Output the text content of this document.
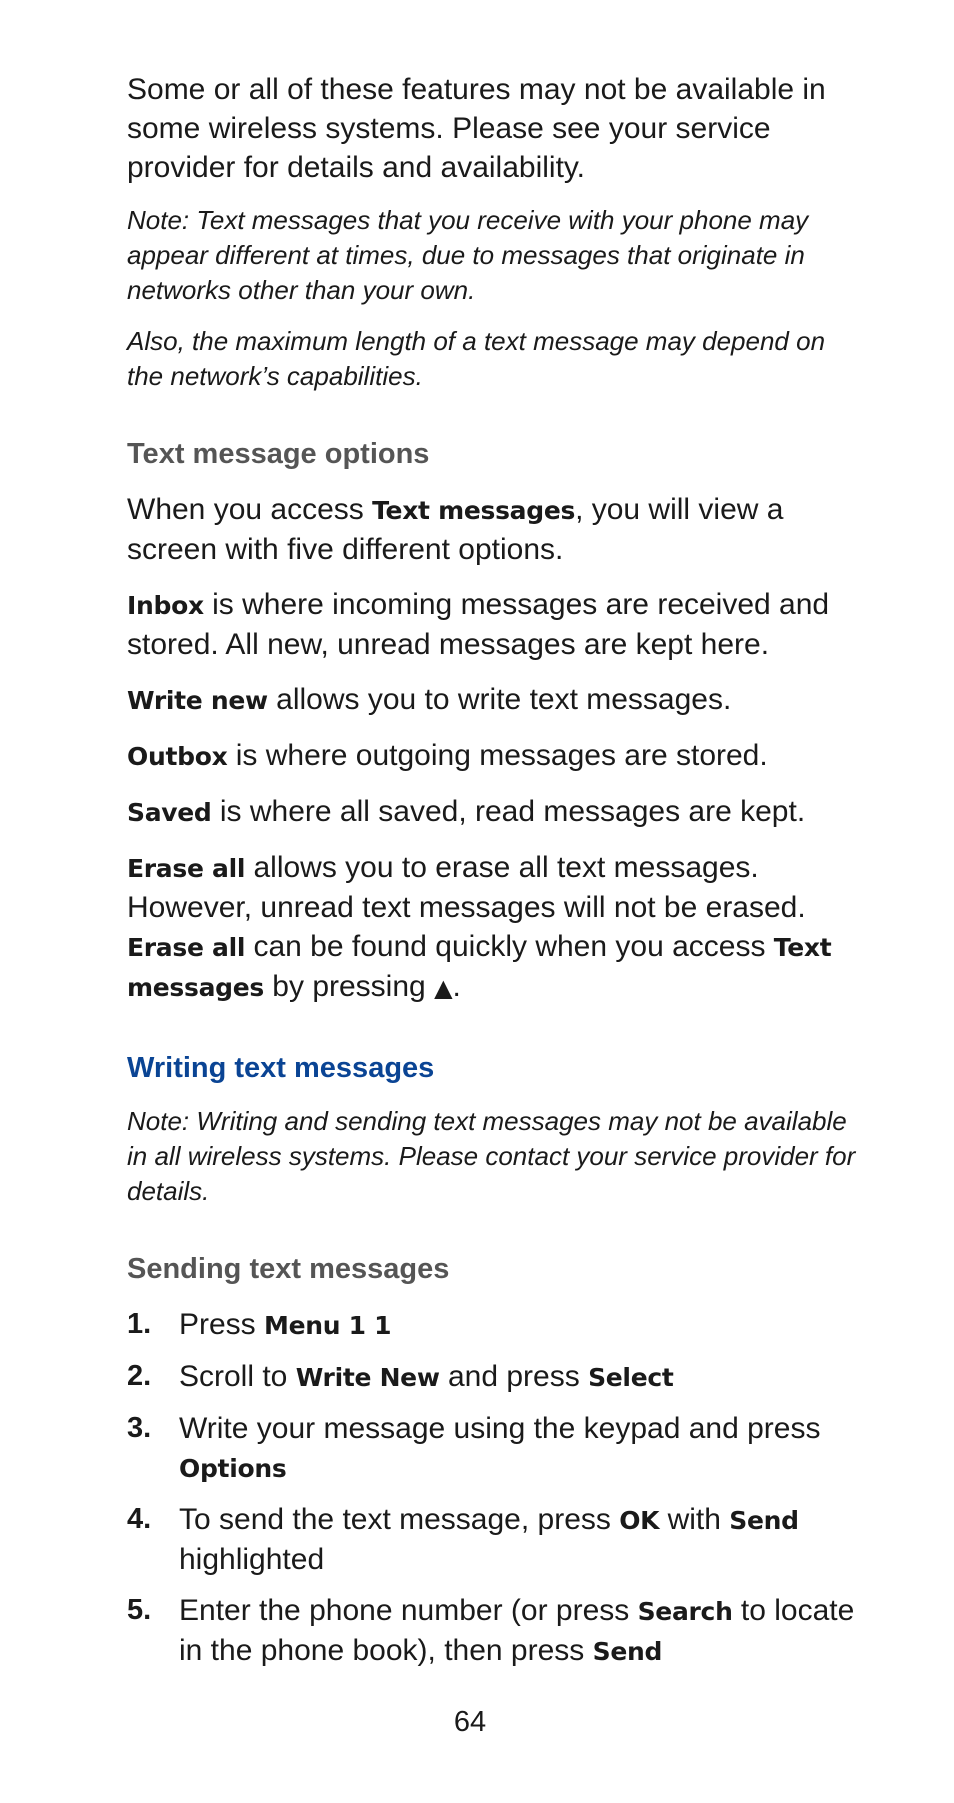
Some or all of these features may not be available in some wireless systems. Please see your service provider for details and availability.

Note: Text messages that you receive with your phone may appear different at times, due to messages that originate in networks other than your own.

Also, the maximum length of a text message may depend on the network’s capabilities.

Text message options

When you access Text messages, you will view a screen with five different options.

Inbox is where incoming messages are received and stored. All new, unread messages are kept here.

Write new allows you to write text messages.

Outbox is where outgoing messages are stored.

Saved is where all saved, read messages are kept.

Erase all allows you to erase all text messages. However, unread text messages will not be erased. Erase all can be found quickly when you access Text messages by pressing ▲.

Writing text messages

Note: Writing and sending text messages may not be available in all wireless systems. Please contact your service provider for details.

Sending text messages
1. Press Menu 1 1
2. Scroll to Write New and press Select
3. Write your message using the keypad and press Options
4. To send the text message, press OK with Send highlighted
5. Enter the phone number (or press Search to locate in the phone book), then press Send
64
